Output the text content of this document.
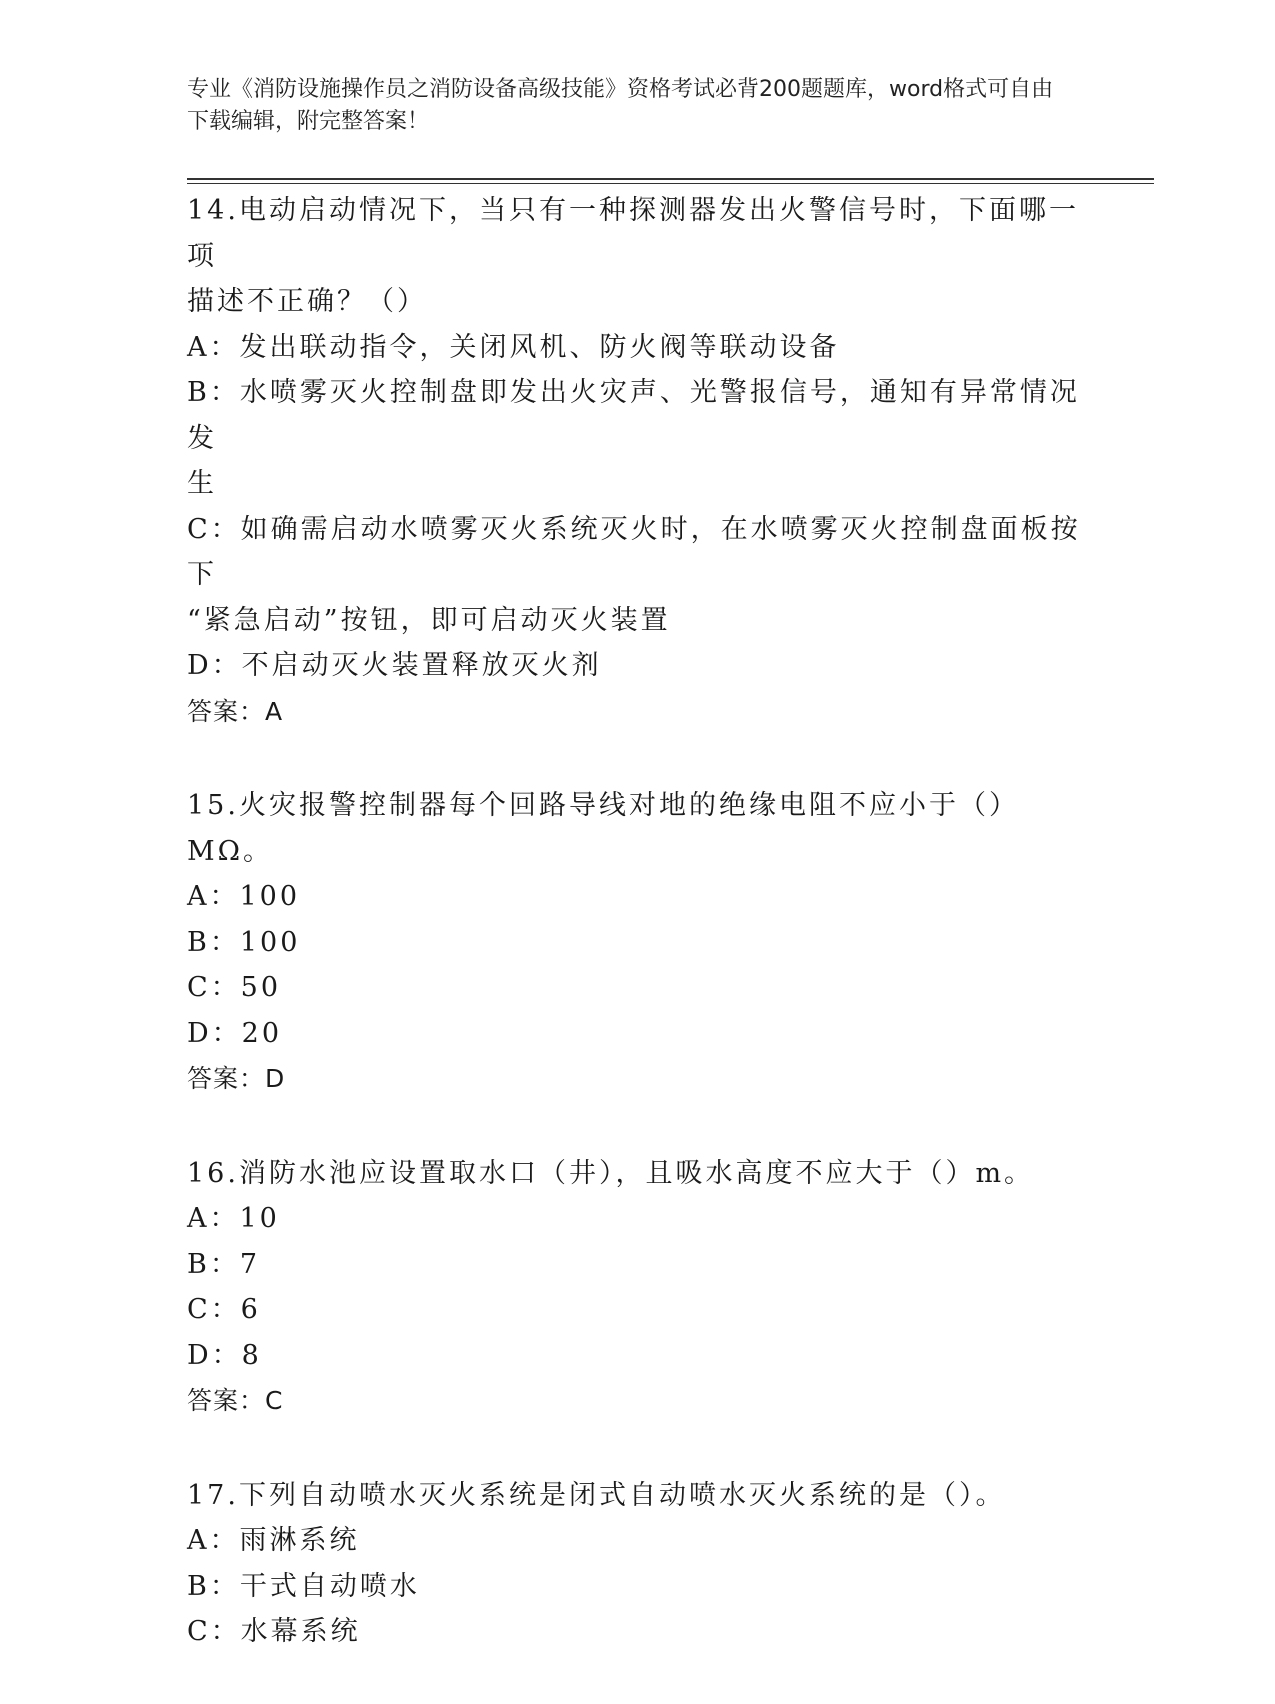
专业《消防设施操作员之消防设备高级技能》资格考试必背200题题库，word格式可自由下载编辑，附完整答案！
14.电动启动情况下，当只有一种探测器发出火警信号时，下面哪一项
描述不正确？（）
A：发出联动指令，关闭风机、防火阀等联动设备
B：水喷雾灭火控制盘即发出火灾声、光警报信号，通知有异常情况发
生
C：如确需启动水喷雾灭火系统灭火时，在水喷雾灭火控制盘面板按下
“紧急启动”按钮，即可启动灭火装置
D：不启动灭火装置释放灭火剂
答案：A
15.火灾报警控制器每个回路导线对地的绝缘电阻不应小于（）MΩ。
A：100
B：100
C：50
D：20
答案：D
16.消防水池应设置取水口（井），且吸水高度不应大于（）m。
A：10
B：7
C：6
D：8
答案：C
17.下列自动喷水灭火系统是闭式自动喷水灭火系统的是（）。
A：雨淋系统
B：干式自动喷水
C：水幕系统
